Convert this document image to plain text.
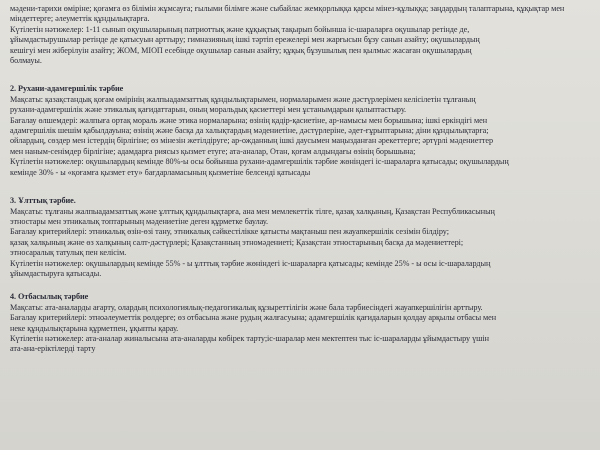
мәдени-тарихи өміріне; қоғамға өз білімін жұмсауға; ғылыми білімге және сыбайлас жемқорлыққа қарсы мінез-құлыққа; заңдардың талаптарына, құқықтар мен

міндеттерге; әлеуметтік құндылықтарға.

Күтілетін нәтижелер: 1-11 сынып оқушыларының патриоттық және құқықтық тақырып бойынша іс-шараларға оқушылар ретінде де,

ұйымдастырушылар ретінде де қатысуын арттыру; гимназияның ішкі тәртіп ережелері мен жарғысын бұзу санын азайту; оқушылардың

кешігуі мен жіберілуін азайту; ЖОМ, МІОП есебінде оқушылар санын азайту; құқық бұзушылық пен қылмыс жасаған оқушылардың

болмауы.

2. Рухани-адамгершілік тәрбие

Мақсаты: қазақстандық қоғам өмірінің жалпыадамзаттық құндылықтарымен, нормаларымен және дәстүрлерімен келісілетін тұлғаның

рухани-адамгершілік және этикалық қағидаттарын, оның моральдық қасиеттері мен ұстанымдарын қалыптастыру.

Бағалау өлшемдері: жалпыға ортақ мораль және этика нормаларына; өзінің қадір-қасиетіне, ар-намысы мен борышына; ішкі еркіндігі мен

адамгершілік шешім қабылдауына; өзінің және басқа да халықтардың мәдениетіне, дәстүрлеріне, әдет-ғұрыптарына; діни құндылықтарға;

ойлардың, сөздер мен істердің бірлігіне; өз мінезін жетілдіруге; ар-ожданның ішкі даусымен маңызданған әрекеттерге; әртүрлі мәдениеттер

мен наным-сенімдер бірлігіне; адамдарға риясыз қызмет етуге; ата-аналар, Отан, қоғам алдындағы өзінің борышына;

Күтілетін нәтижелер: оқушылардың кемінде 80%-ы осы бойынша рухани-адамгершілік тәрбие жөніндегі іс-шараларға қатысады; оқушылардың

кемінде 30% - ы «қоғамға қызмет ету» бағдарламасының қызметіне белсенді қатысады

3. Ұлттық тәрбие.

Мақсаты: тұлғаны жалпыадамзаттық және ұлттық құндылықтарға, ана мен мемлекеттік тілге, қазақ халқының, Қазақстан Республикасының

этностары мен этникалық топтарының мәдениетіне деген құрметке баулау.

Бағалау критерийлері: этникалық өзін-өзі тану, этникалық сәйкестілікке қатысты мақтаныш пен жауапкершілік сезімін білдіру;

қазақ халқының және өз халқының салт-дәстүрлері; Қазақстанның этномәдениеті; Қазақстан этностарының басқа да мәдениеттері;

этносаралық татулық пен келісім.

Күтілетін нәтижелер: оқушылардың кемінде 55% - ы ұлттық тәрбие жөніндегі іс-шараларға қатысады; кемінде 25% - ы осы іс-шаралардың

ұйымдастыруға қатысады.

4. Отбасылық тәрбие

Мақсаты: ата-аналарды ағарту, олардың психологиялық-педагогикалық құзыреттілігін және бала тәрбиесіндегі жауапкершілігін арттыру.

Бағалау критерийлері: этноәлеуметтік рөлдерге; өз отбасына және рудың жалғасуына; адамгершілік қағидаларын қолдау арқылы отбасы мен

неке құндылықтарына құрметпен, ұқыпты қарау.

Күтілетін нәтижелер: ата-аналар жиналысына ата-аналарды көбірек тарту;іс-шаралар мен мектептен тыс іс-шараларды ұйымдастыру үшін

ата-ана-еріктілерді тарту
